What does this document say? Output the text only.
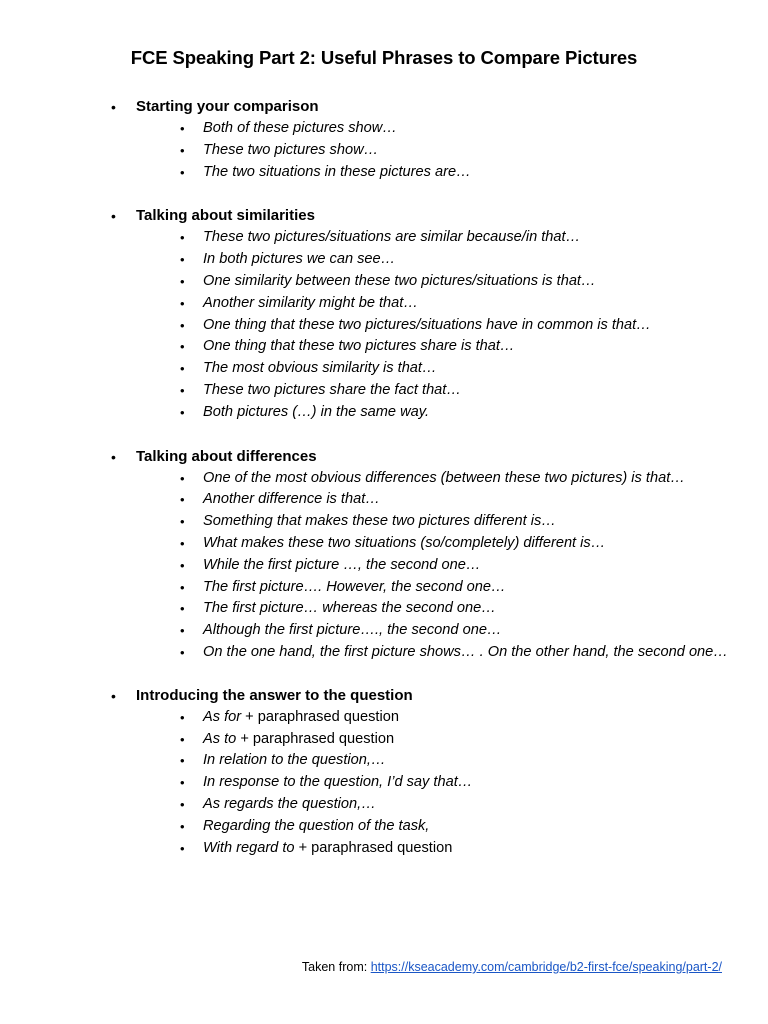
FCE Speaking Part 2: Useful Phrases to Compare Pictures
• Starting your comparison
• Both of these pictures show…
• These two pictures show…
• The two situations in these pictures are…
• Talking about similarities
• These two pictures/situations are similar because/in that…
• In both pictures we can see…
• One similarity between these two pictures/situations is that…
• Another similarity might be that…
• One thing that these two pictures/situations have in common is that…
• One thing that these two pictures share is that…
• The most obvious similarity is that…
• These two pictures share the fact that…
• Both pictures (…) in the same way.
• Talking about differences
• One of the most obvious differences (between these two pictures) is that…
• Another difference is that…
• Something that makes these two pictures different is…
• What makes these two situations (so/completely) different is…
• While the first picture …, the second one…
• The first picture…. However, the second one…
• The first picture… whereas the second one…
• Although the first picture…., the second one…
• On the one hand, the first picture shows… . On the other hand, the second one…
• Introducing the answer to the question
• As for + paraphrased question
• As to + paraphrased question
• In relation to the question,…
• In response to the question, I’d say that…
• As regards the question,…
• Regarding the question of the task,
• With regard to + paraphrased question
Taken from: https://kseacademy.com/cambridge/b2-first-fce/speaking/part-2/
